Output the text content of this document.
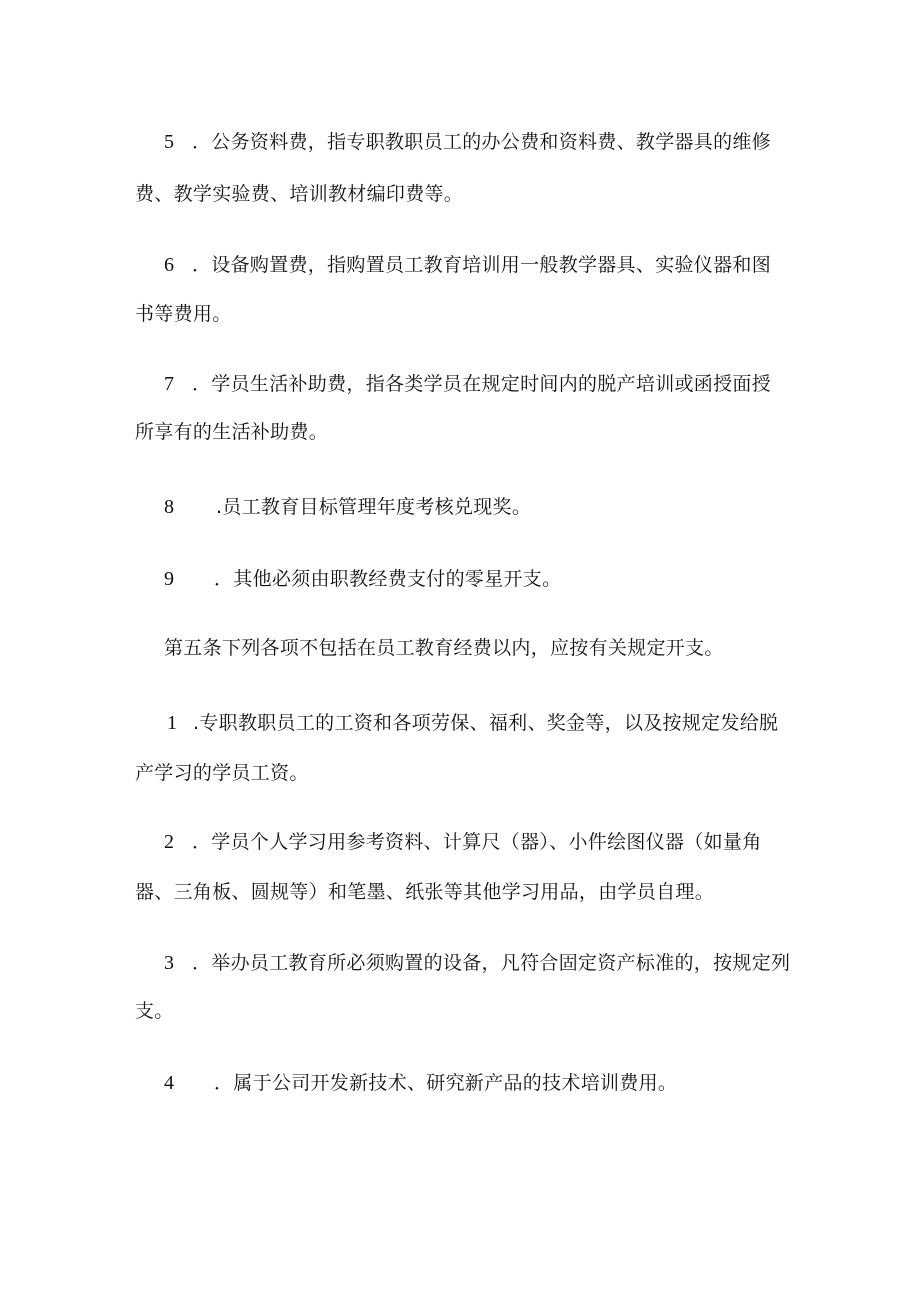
5 ．公务资料费，指专职教职员工的办公费和资料费、教学器具的维修
费、教学实验费、培训教材编印费等。
6 ．设备购置费，指购置员工教育培训用一般教学器具、实验仪器和图
书等费用。
7 ．学员生活补助费，指各类学员在规定时间内的脱产培训或函授面授
所享有的生活补助费。
8 .员工教育目标管理年度考核兑现奖。
9 ．其他必须由职教经费支付的零星开支。
第五条下列各项不包括在员工教育经费以内，应按有关规定开支。
1 .专职教职员工的工资和各项劳保、福利、奖金等，以及按规定发给脱
产学习的学员工资。
2 ．学员个人学习用参考资料、计算尺（器）、小件绘图仪器（如量角
器、三角板、圆规等）和笔墨、纸张等其他学习用品，由学员自理。
3 ．举办员工教育所必须购置的设备，凡符合固定资产标准的，按规定列
支。
4 ．属于公司开发新技术、研究新产品的技术培训费用。
